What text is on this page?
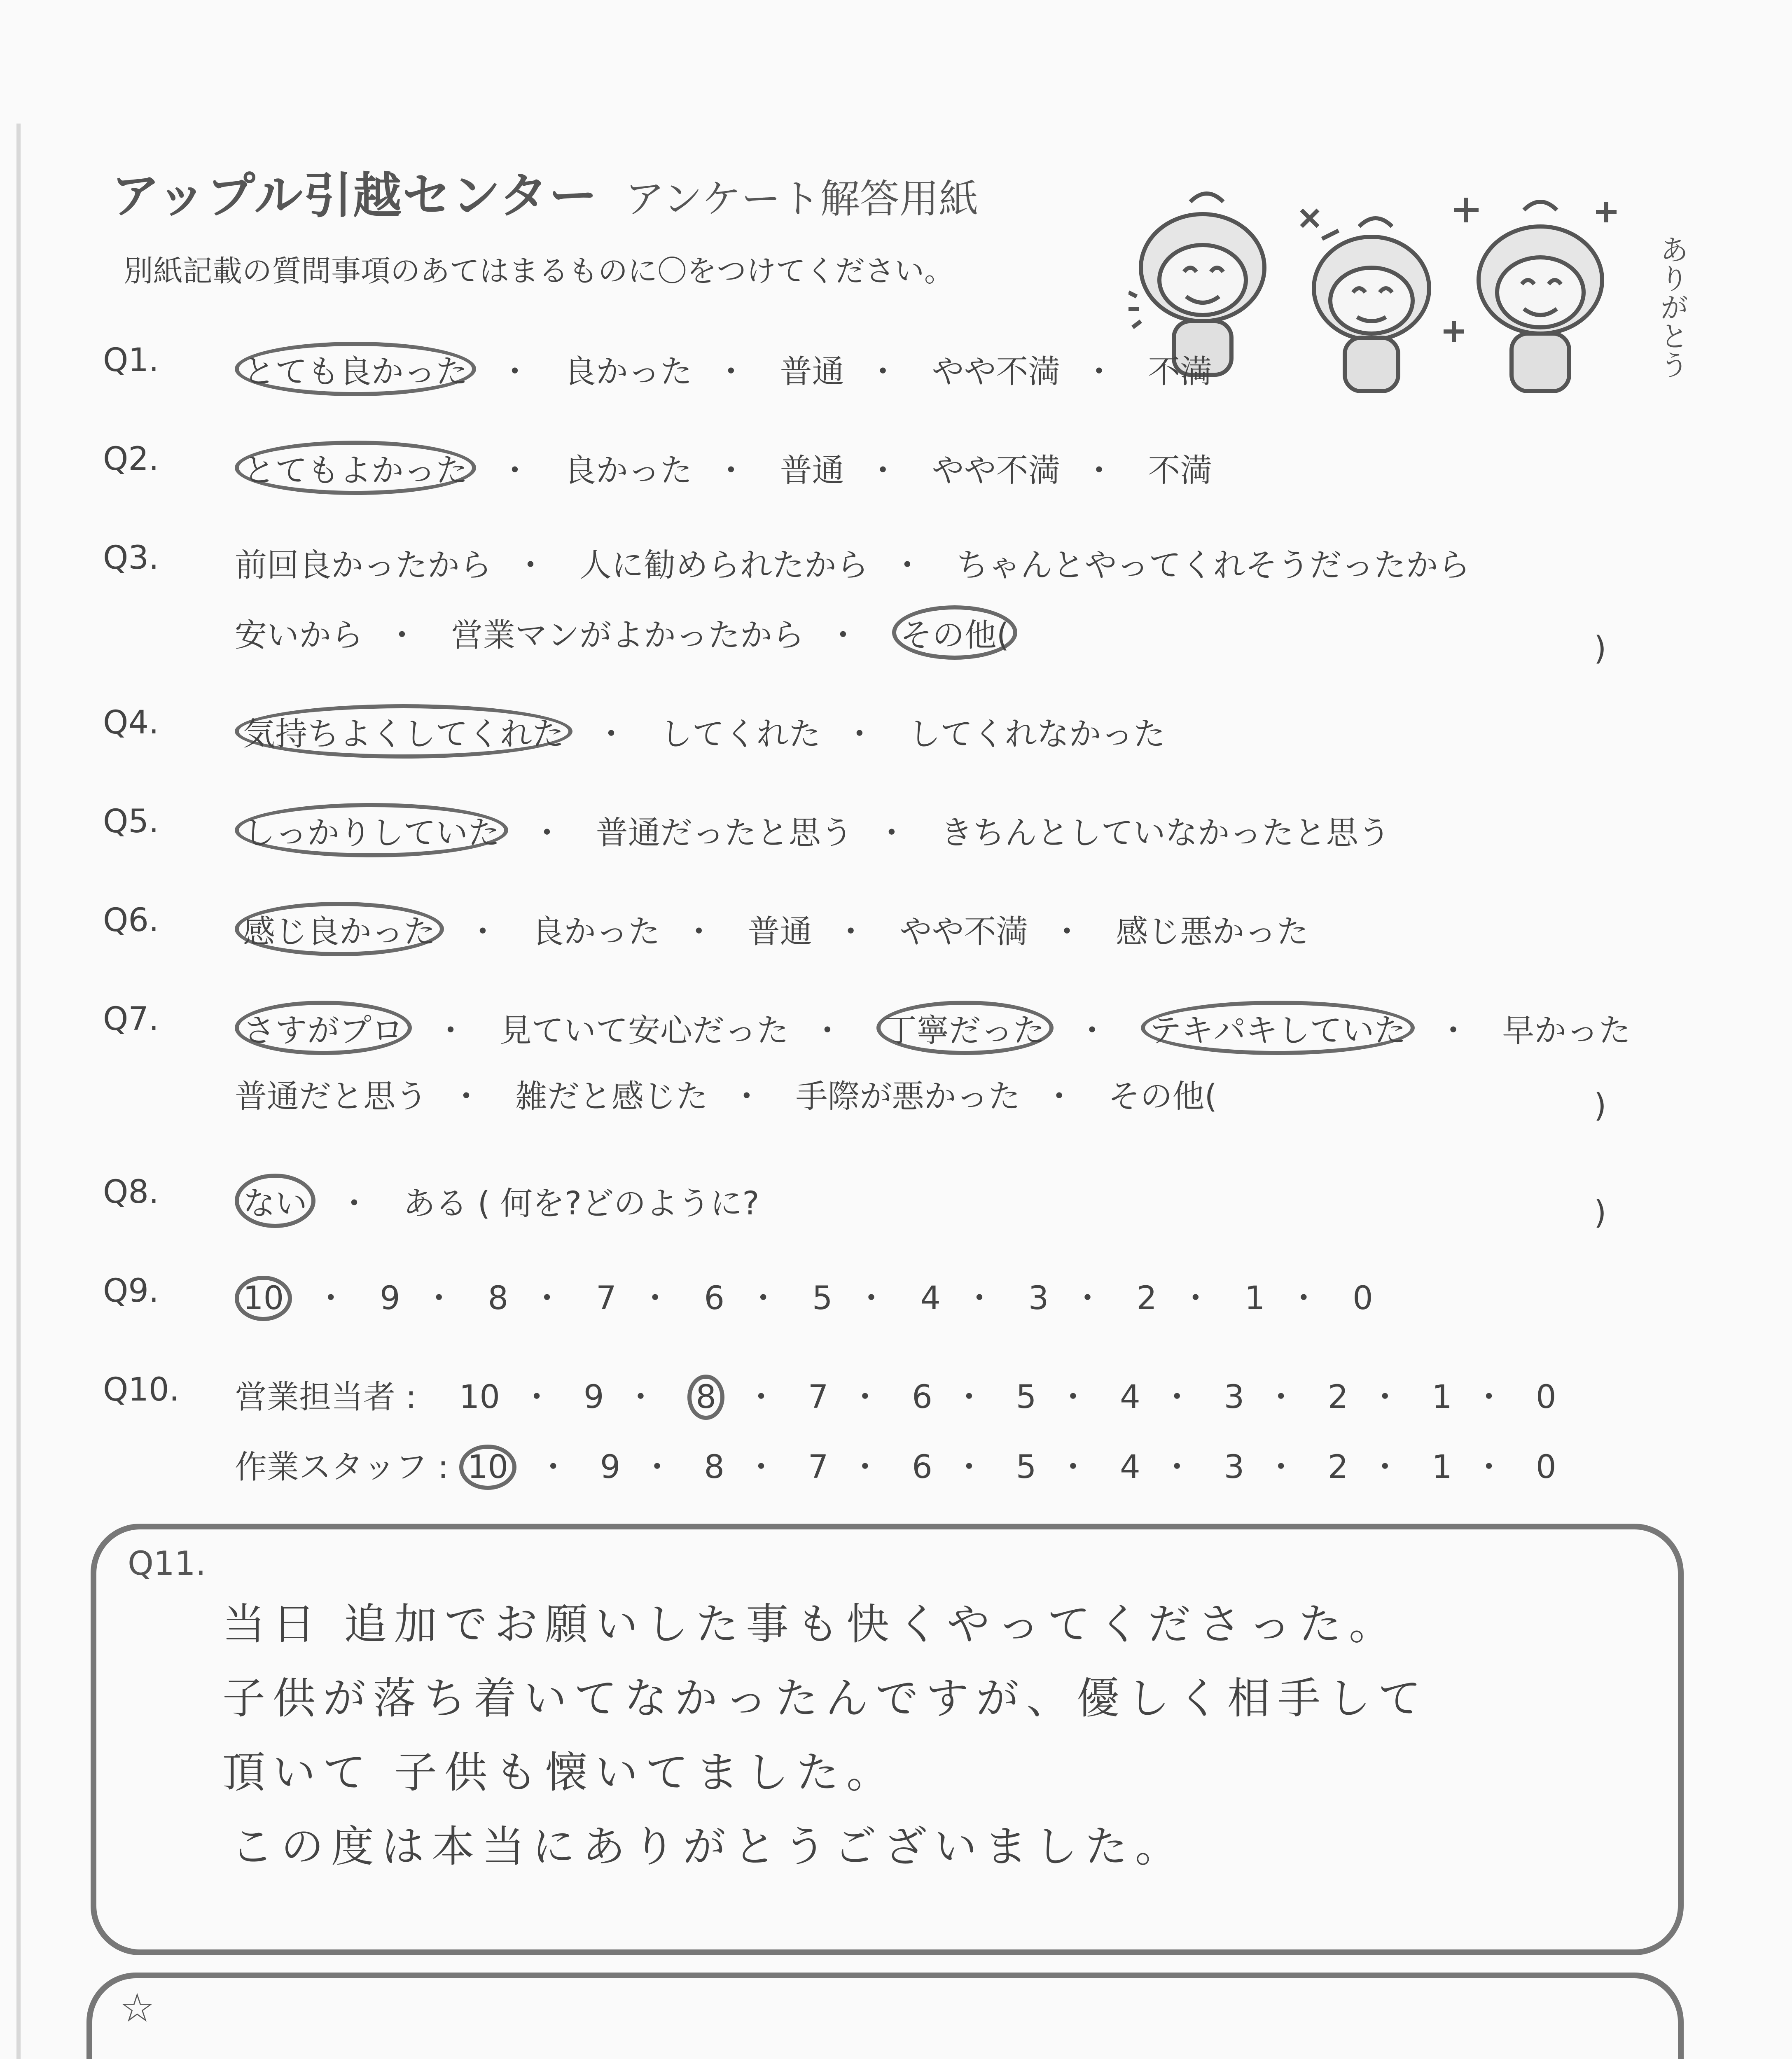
アップル引越センター アンケート解答用紙
別紙記載の質問事項のあてはまるものに〇をつけてください。	ありがとう
Q1.	とても良かった ・ 良かった ・ 普通 ・ やや不満 ・ 不満
Q2.	とてもよかった ・ 良かった ・ 普通 ・ やや不満 ・ 不満
Q3.	前回良かったから ・ 人に勧められたから ・ ちゃんとやってくれそうだったから
安いから ・ 営業マンがよかったから ・ その他(	)
Q4.	気持ちよくしてくれた ・ してくれた ・ してくれなかった
Q5.	しっかりしていた ・ 普通だったと思う ・ きちんとしていなかったと思う
Q6.	感じ良かった ・ 良かった ・ 普通 ・ やや不満 ・ 感じ悪かった
Q7.	さすがプロ ・ 見ていて安心だった ・ 丁寧だった ・ テキパキしていた ・ 早かった
普通だと思う ・ 雑だと感じた ・ 手際が悪かった ・ その他(	)
Q8.	ない ・ ある ( 何を?どのように?	)
Q9.	10 ・ 9 ・ 8 ・ 7 ・ 6 ・ 5 ・ 4 ・ 3 ・ 2 ・ 1 ・ 0
Q10.	営業担当者 : 10 ・ 9 ・ 8 ・ 7 ・ 6 ・ 5 ・ 4 ・ 3 ・ 2 ・ 1 ・ 0
作業スタッフ : 10 ・ 9 ・ 8 ・ 7 ・ 6 ・ 5 ・ 4 ・ 3 ・ 2 ・ 1 ・ 0
Q11.
当日 追加でお願いした事も快くやってくださった。
子供が落ち着いてなかったんですが、優しく相手して
頂いて 子供も懐いてました。
この度は本当にありがとうございました。
☆
